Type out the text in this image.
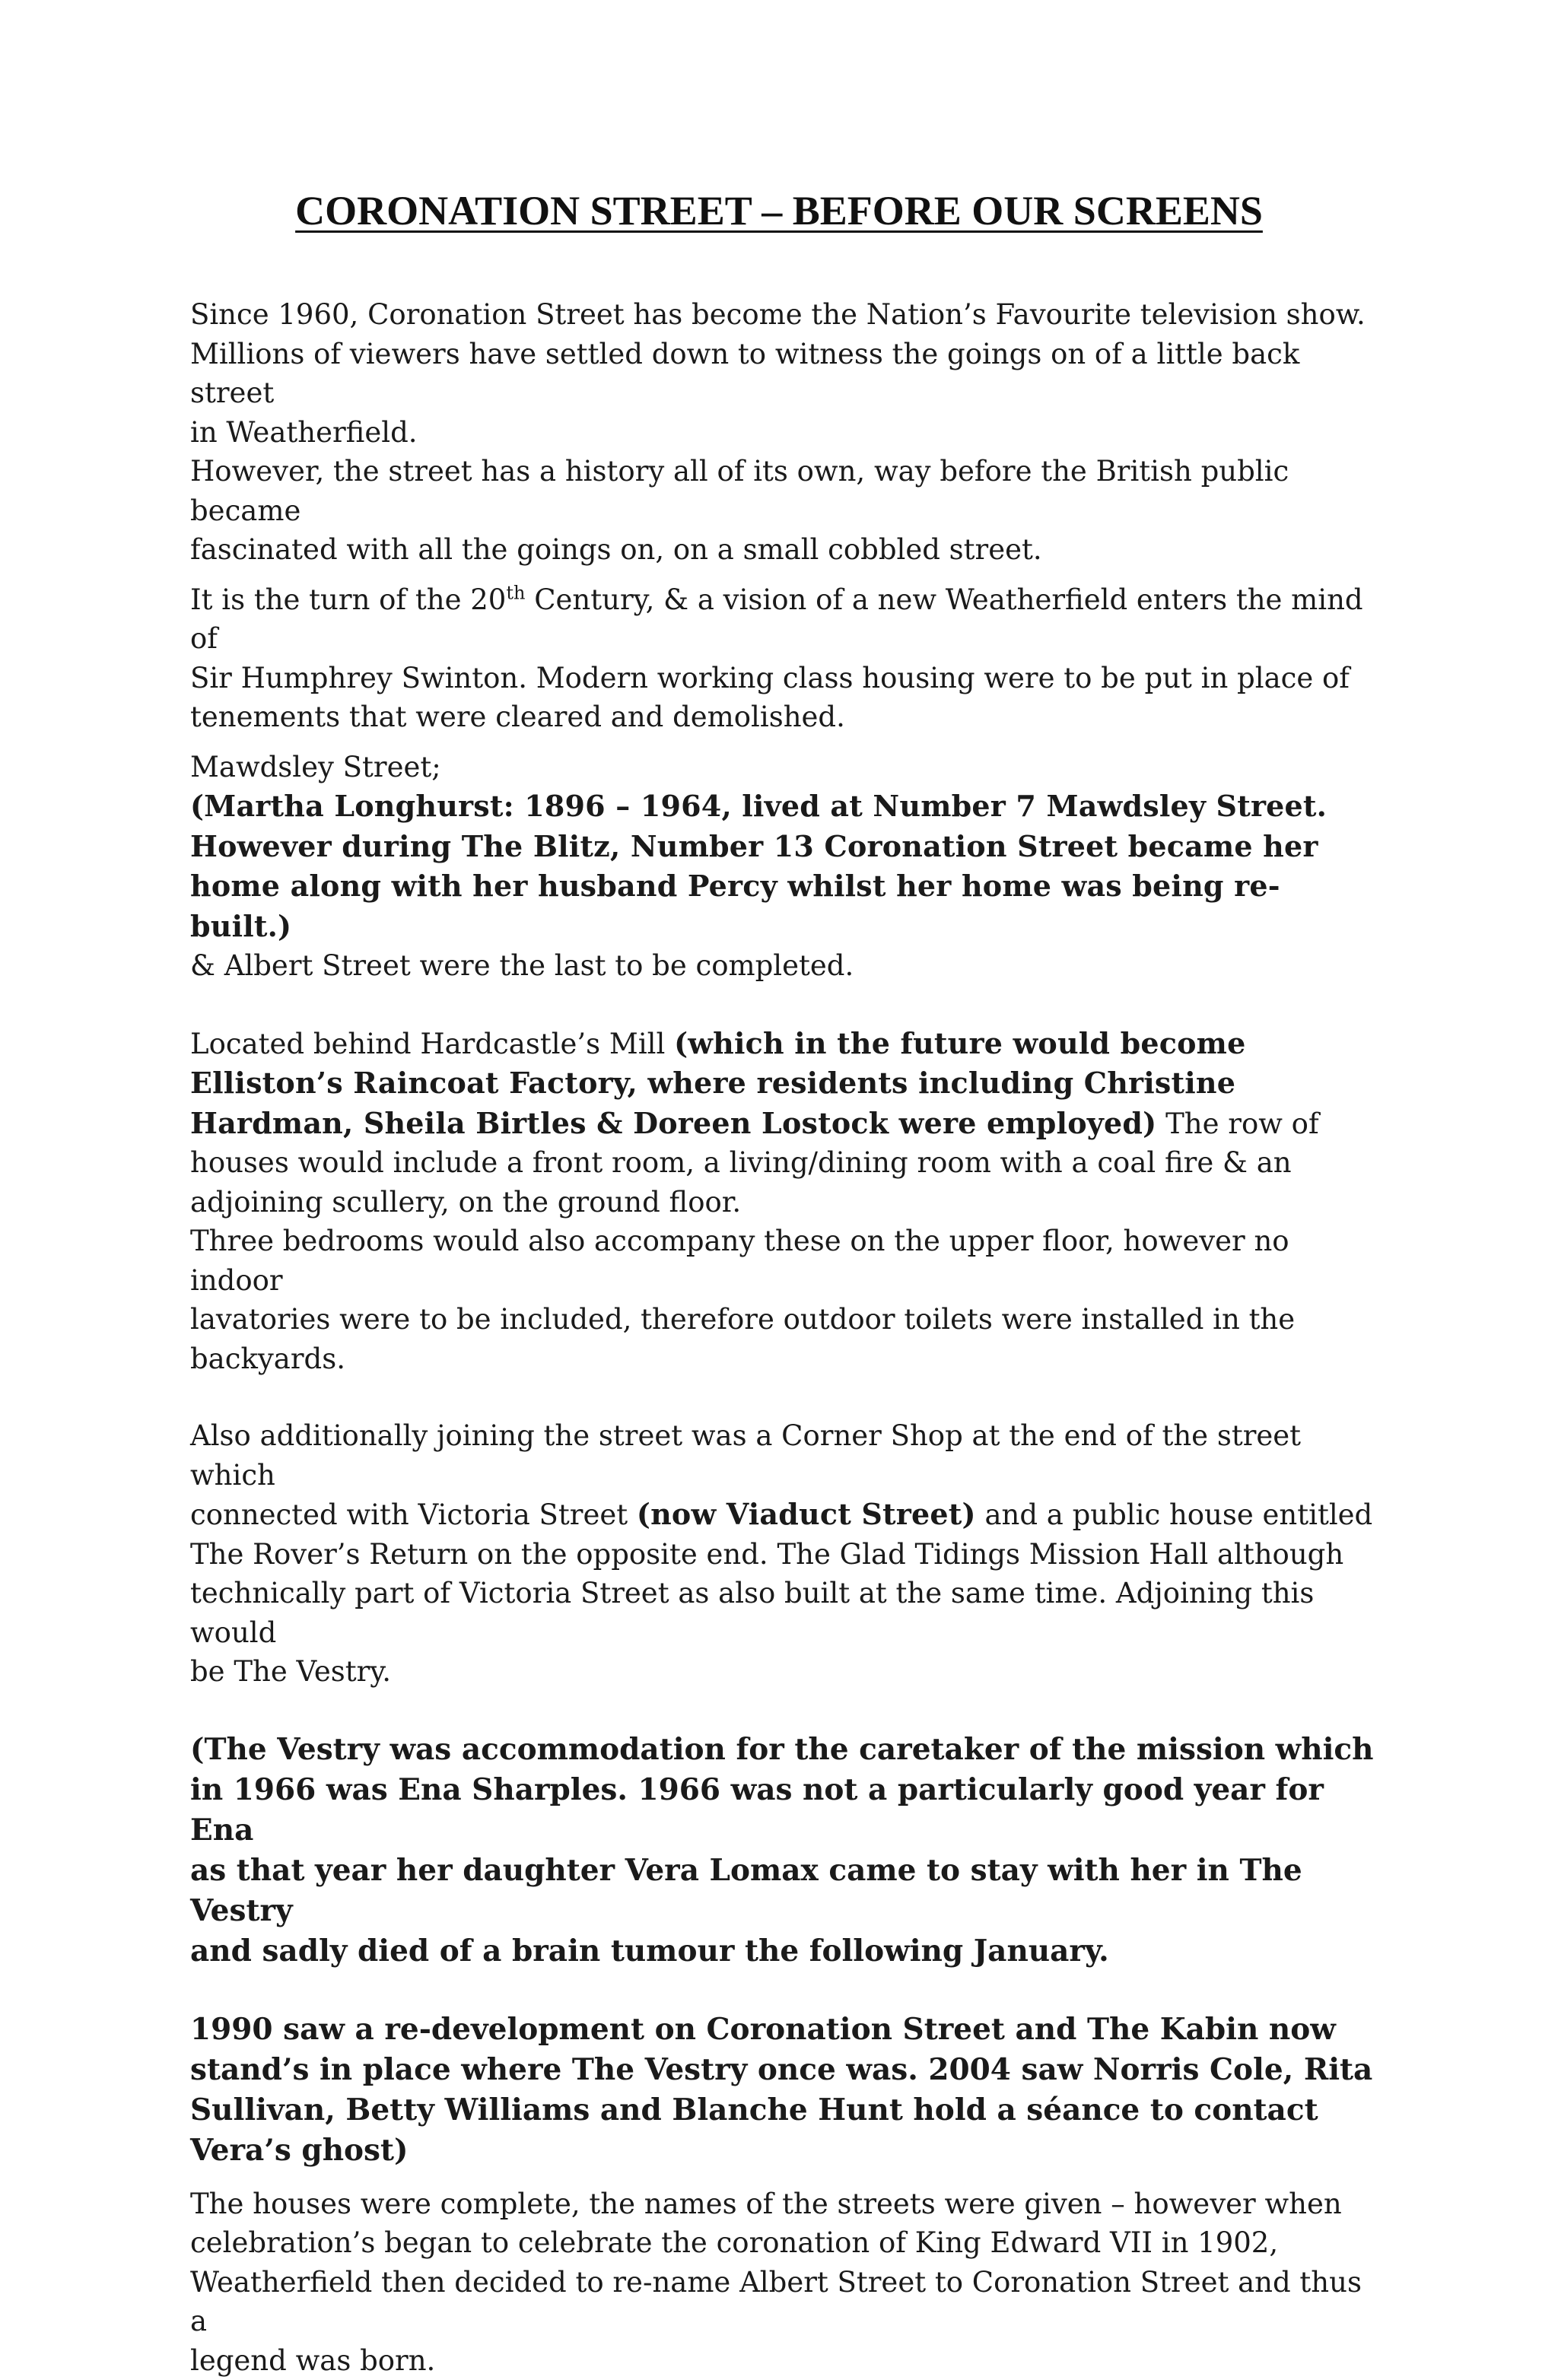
CORONATION STREET – BEFORE OUR SCREENS

Since 1960, Coronation Street has become the Nation’s Favourite television show.
Millions of viewers have settled down to witness the goings on of a little back street
in Weatherfield.
However, the street has a history all of its own, way before the British public became
fascinated with all the goings on, on a small cobbled street.

It is the turn of the 20th Century, & a vision of a new Weatherfield enters the mind of
Sir Humphrey Swinton. Modern working class housing were to be put in place of
tenements that were cleared and demolished.

Mawdsley Street;
(Martha Longhurst: 1896 – 1964, lived at Number 7 Mawdsley Street.
However during The Blitz, Number 13 Coronation Street became her
home along with her husband Percy whilst her home was being re-built.)
& Albert Street were the last to be completed.

Located behind Hardcastle’s Mill (which in the future would become
Elliston’s Raincoat Factory, where residents including Christine
Hardman, Sheila Birtles & Doreen Lostock were employed) The row of
houses would include a front room, a living/dining room with a coal fire & an
adjoining scullery, on the ground floor.
Three bedrooms would also accompany these on the upper floor, however no indoor
lavatories were to be included, therefore outdoor toilets were installed in the
backyards.

Also additionally joining the street was a Corner Shop at the end of the street which
connected with Victoria Street (now Viaduct Street) and a public house entitled
The Rover’s Return on the opposite end. The Glad Tidings Mission Hall although
technically part of Victoria Street as also built at the same time. Adjoining this would
be The Vestry.

(The Vestry was accommodation for the caretaker of the mission which
in 1966 was Ena Sharples. 1966 was not a particularly good year for Ena
as that year her daughter Vera Lomax came to stay with her in The Vestry
and sadly died of a brain tumour the following January.

1990 saw a re-development on Coronation Street and The Kabin now
stand’s in place where The Vestry once was. 2004 saw Norris Cole, Rita
Sullivan, Betty Williams and Blanche Hunt hold a séance to contact
Vera’s ghost)

The houses were complete, the names of the streets were given – however when
celebration’s began to celebrate the coronation of King Edward VII in 1902,
Weatherfield then decided to re-name Albert Street to Coronation Street and thus a
legend was born.
